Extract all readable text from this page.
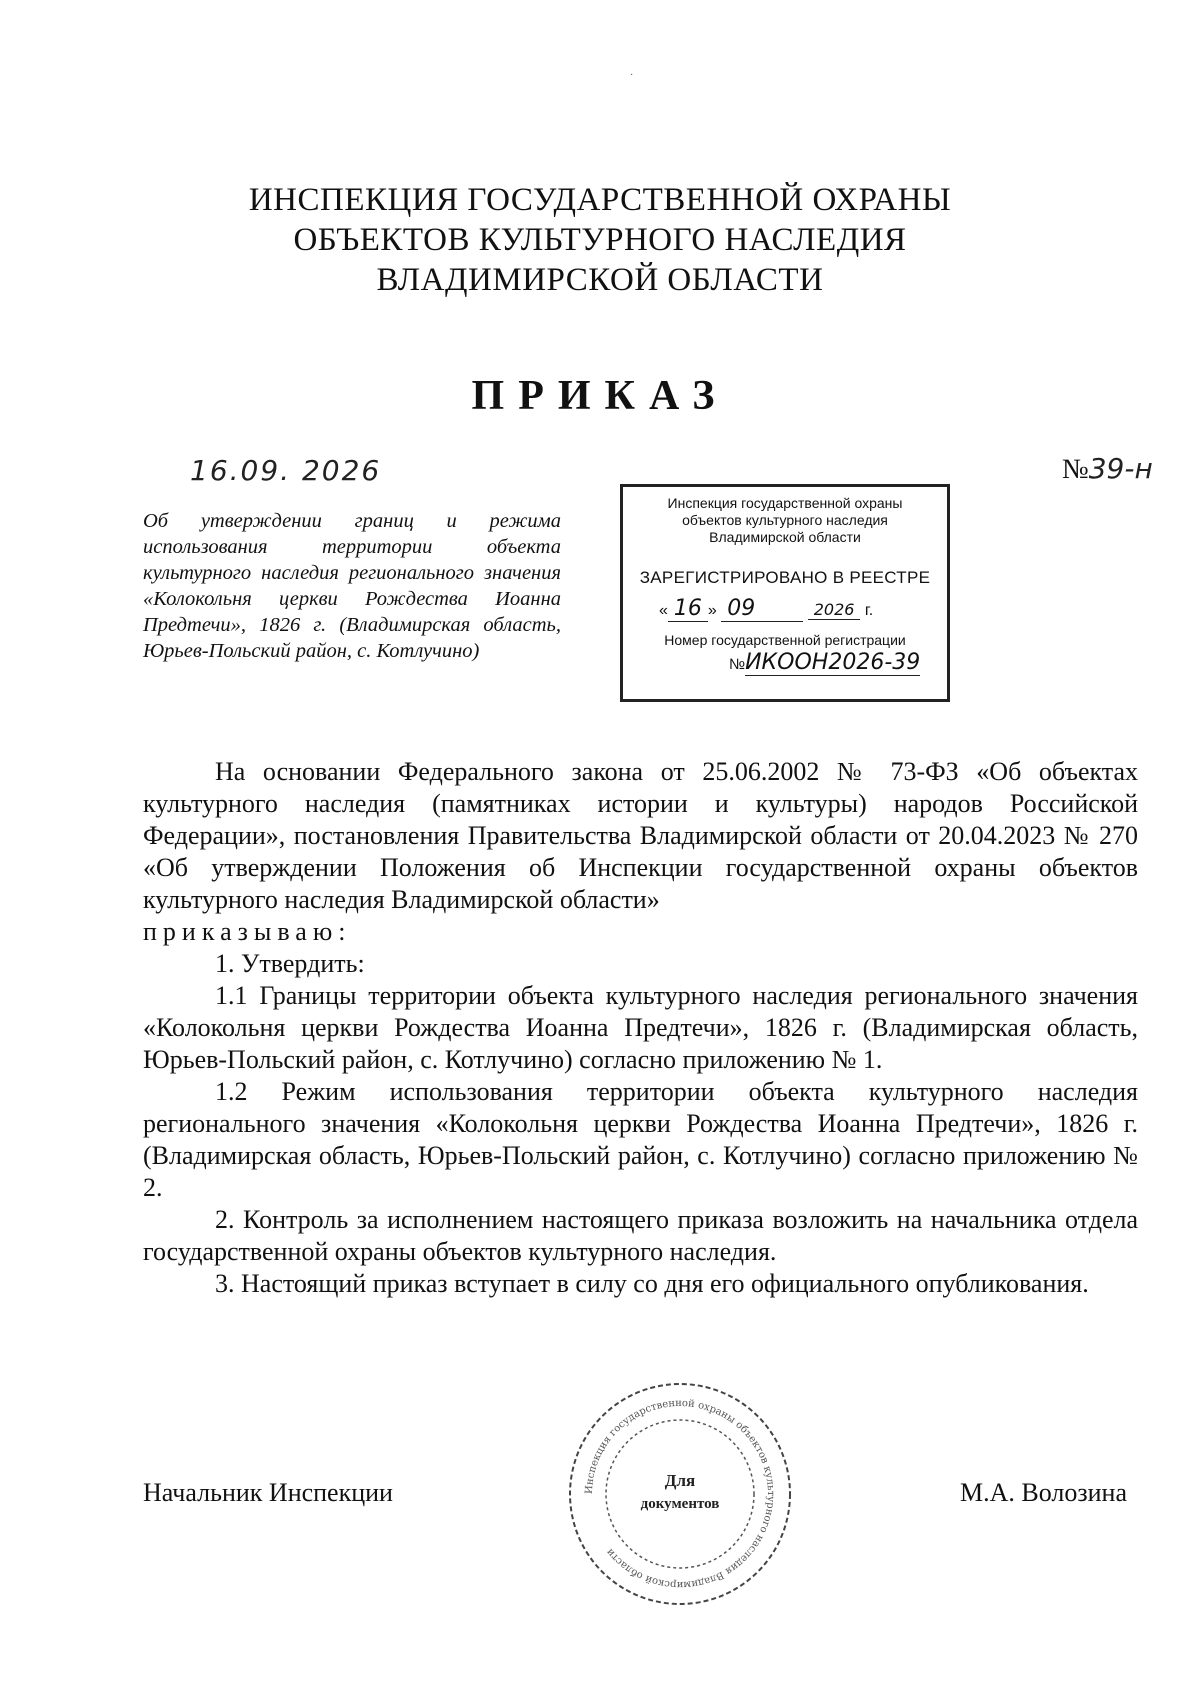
·
ИНСПЕКЦИЯ ГОСУДАРСТВЕННОЙ ОХРАНЫ
ОБЪЕКТОВ КУЛЬТУРНОГО НАСЛЕДИЯ
ВЛАДИМИРСКОЙ ОБЛАСТИ
ПРИКАЗ
16.09. 2026	№39-н
Об утверждении границ и режима использования территории объекта культурного наследия регионального значения «Колокольня церкви Рождества Иоанна Предтечи», 1826 г. (Владимирская область, Юрьев-Польский район, с. Котлучино)
Инспекция государственной охраны
объектов культурного наследия
Владимирской области
ЗАРЕГИСТРИРОВАНО В РЕЕСТРЕ
« 16 » 09	2026 г.
Номер государственной регистрации
№ИКООН2026-39

На основании Федерального закона от 25.06.2002 № 73-ФЗ «Об объектах культурного наследия (памятниках истории и культуры) народов Российской Федерации», постановления Правительства Владимирской области от 20.04.2023 № 270 «Об утверждении Положения об Инспекции государственной охраны объектов культурного наследия Владимирской области»

приказываю:

1. Утвердить:

1.1 Границы территории объекта культурного наследия регионального значения «Колокольня церкви Рождества Иоанна Предтечи», 1826 г. (Владимирская область, Юрьев-Польский район, с. Котлучино) согласно приложению № 1.

1.2 Режим использования территории объекта культурного наследия регионального значения «Колокольня церкви Рождества Иоанна Предтечи», 1826 г. (Владимирская область, Юрьев-Польский район, с. Котлучино) согласно приложению № 2.

2. Контроль за исполнением настоящего приказа возложить на начальника отдела государственной охраны объектов культурного наследия.

3. Настоящий приказ вступает в силу со дня его официального опубликования.

Начальник Инспекции	М.А. Волозина
Инспекция государственной охраны объектов культурного наследия Владимирской области
Для
документов
